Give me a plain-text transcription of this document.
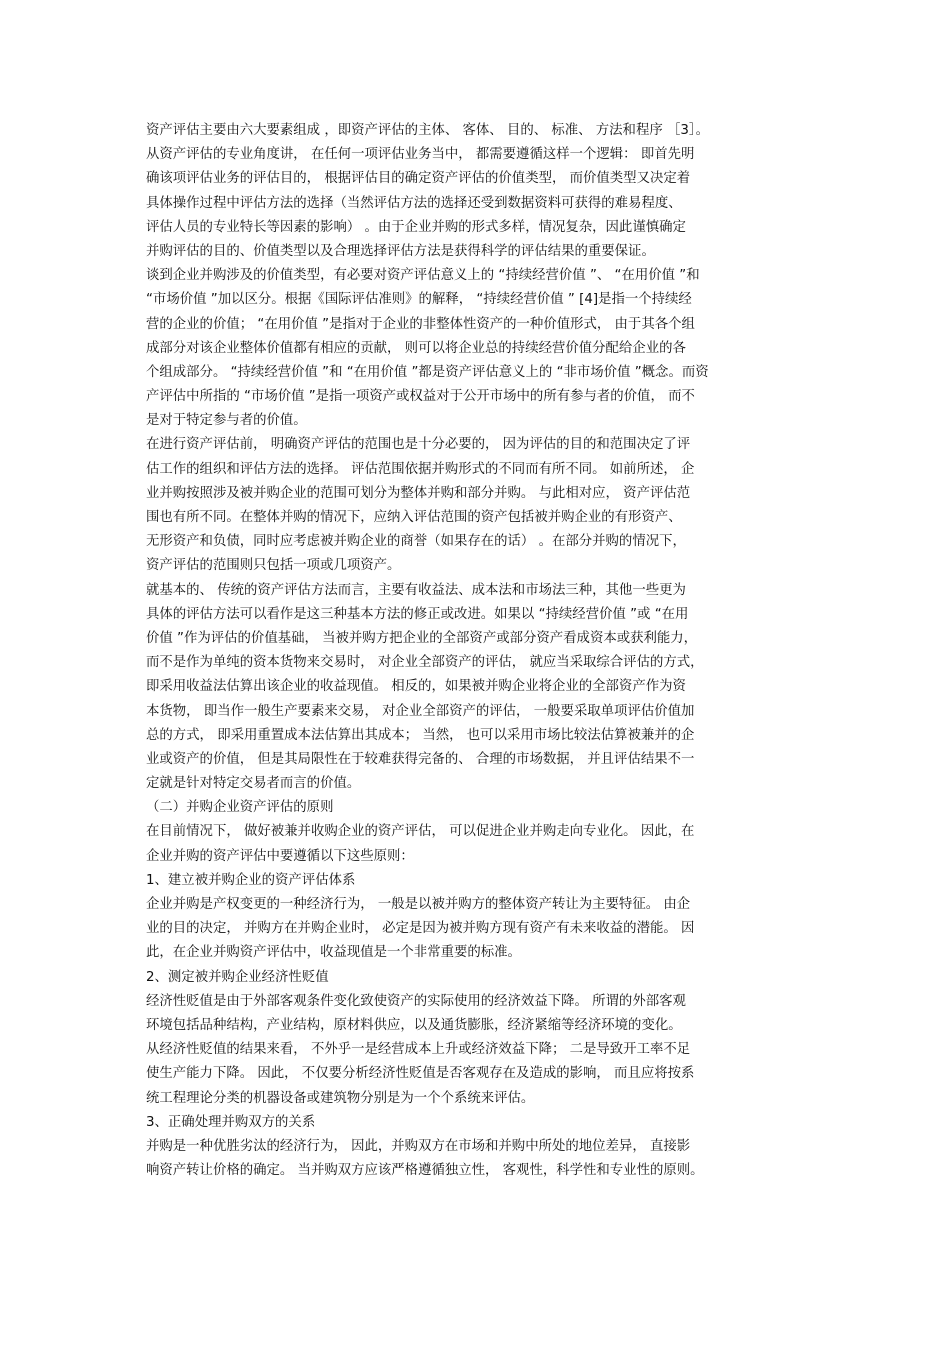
资产评估主要由六大要素组成 ，即资产评估的主体、 客体、 目的、 标准、 方法和程序 ［3］。
从资产评估的专业角度讲， 在任何一项评估业务当中， 都需要遵循这样一个逻辑： 即首先明
确该项评估业务的评估目的， 根据评估目的确定资产评估的价值类型， 而价值类型又决定着
具体操作过程中评估方法的选择（当然评估方法的选择还受到数据资料可获得的难易程度、
评估人员的专业特长等因素的影响） 。由于企业并购的形式多样，情况复杂，因此谨慎确定
并购评估的目的、价值类型以及合理选择评估方法是获得科学的评估结果的重要保证。
谈到企业并购涉及的价值类型，有必要对资产评估意义上的 “持续经营价值 ”、 “在用价值 ”和
“市场价值 ”加以区分。根据《国际评估准则》的解释， “持续经营价值 ” [4]是指一个持续经
营的企业的价值； “在用价值 ”是指对于企业的非整体性资产的一种价值形式， 由于其各个组
成部分对该企业整体价值都有相应的贡献， 则可以将企业总的持续经营价值分配给企业的各
个组成部分。 “持续经营价值 ”和 “在用价值 ”都是资产评估意义上的 “非市场价值 ”概念。而资
产评估中所指的 “市场价值 ”是指一项资产或权益对于公开市场中的所有参与者的价值， 而不
是对于特定参与者的价值。
在进行资产评估前， 明确资产评估的范围也是十分必要的， 因为评估的目的和范围决定了评
估工作的组织和评估方法的选择。 评估范围依据并购形式的不同而有所不同。 如前所述， 企
业并购按照涉及被并购企业的范围可划分为整体并购和部分并购。 与此相对应， 资产评估范
围也有所不同。在整体并购的情况下，应纳入评估范围的资产包括被并购企业的有形资产、
无形资产和负债，同时应考虑被并购企业的商誉（如果存在的话） 。在部分并购的情况下，
资产评估的范围则只包括一项或几项资产。
就基本的、 传统的资产评估方法而言，主要有收益法、成本法和市场法三种，其他一些更为
具体的评估方法可以看作是这三种基本方法的修正或改进。如果以 “持续经营价值 ”或 “在用
价值 ”作为评估的价值基础， 当被并购方把企业的全部资产或部分资产看成资本或获利能力，
而不是作为单纯的资本货物来交易时， 对企业全部资产的评估， 就应当采取综合评估的方式，
即采用收益法估算出该企业的收益现值。 相反的，如果被并购企业将企业的全部资产作为资
本货物， 即当作一般生产要素来交易， 对企业全部资产的评估， 一般要采取单项评估价值加
总的方式， 即采用重置成本法估算出其成本； 当然， 也可以采用市场比较法估算被兼并的企
业或资产的价值， 但是其局限性在于较难获得完备的、 合理的市场数据， 并且评估结果不一
定就是针对特定交易者而言的价值。
（二）并购企业资产评估的原则
在目前情况下， 做好被兼并收购企业的资产评估， 可以促进企业并购走向专业化。 因此，在
企业并购的资产评估中要遵循以下这些原则：
1、建立被并购企业的资产评估体系
企业并购是产权变更的一种经济行为， 一般是以被并购方的整体资产转让为主要特征。 由企
业的目的决定， 并购方在并购企业时， 必定是因为被并购方现有资产有未来收益的潜能。 因
此，在企业并购资产评估中，收益现值是一个非常重要的标准。
2、测定被并购企业经济性贬值
经济性贬值是由于外部客观条件变化致使资产的实际使用的经济效益下降。 所谓的外部客观
环境包括品种结构，产业结构，原材料供应，以及通货膨胀，经济紧缩等经济环境的变化。
从经济性贬值的结果来看， 不外乎一是经营成本上升或经济效益下降； 二是导致开工率不足
使生产能力下降。 因此， 不仅要分析经济性贬值是否客观存在及造成的影响， 而且应将按系
统工程理论分类的机器设备或建筑物分别是为一个个系统来评估。
3、正确处理并购双方的关系
并购是一种优胜劣汰的经济行为， 因此，并购双方在市场和并购中所处的地位差异， 直接影
响资产转让价格的确定。 当并购双方应该严格遵循独立性， 客观性，科学性和专业性的原则。
